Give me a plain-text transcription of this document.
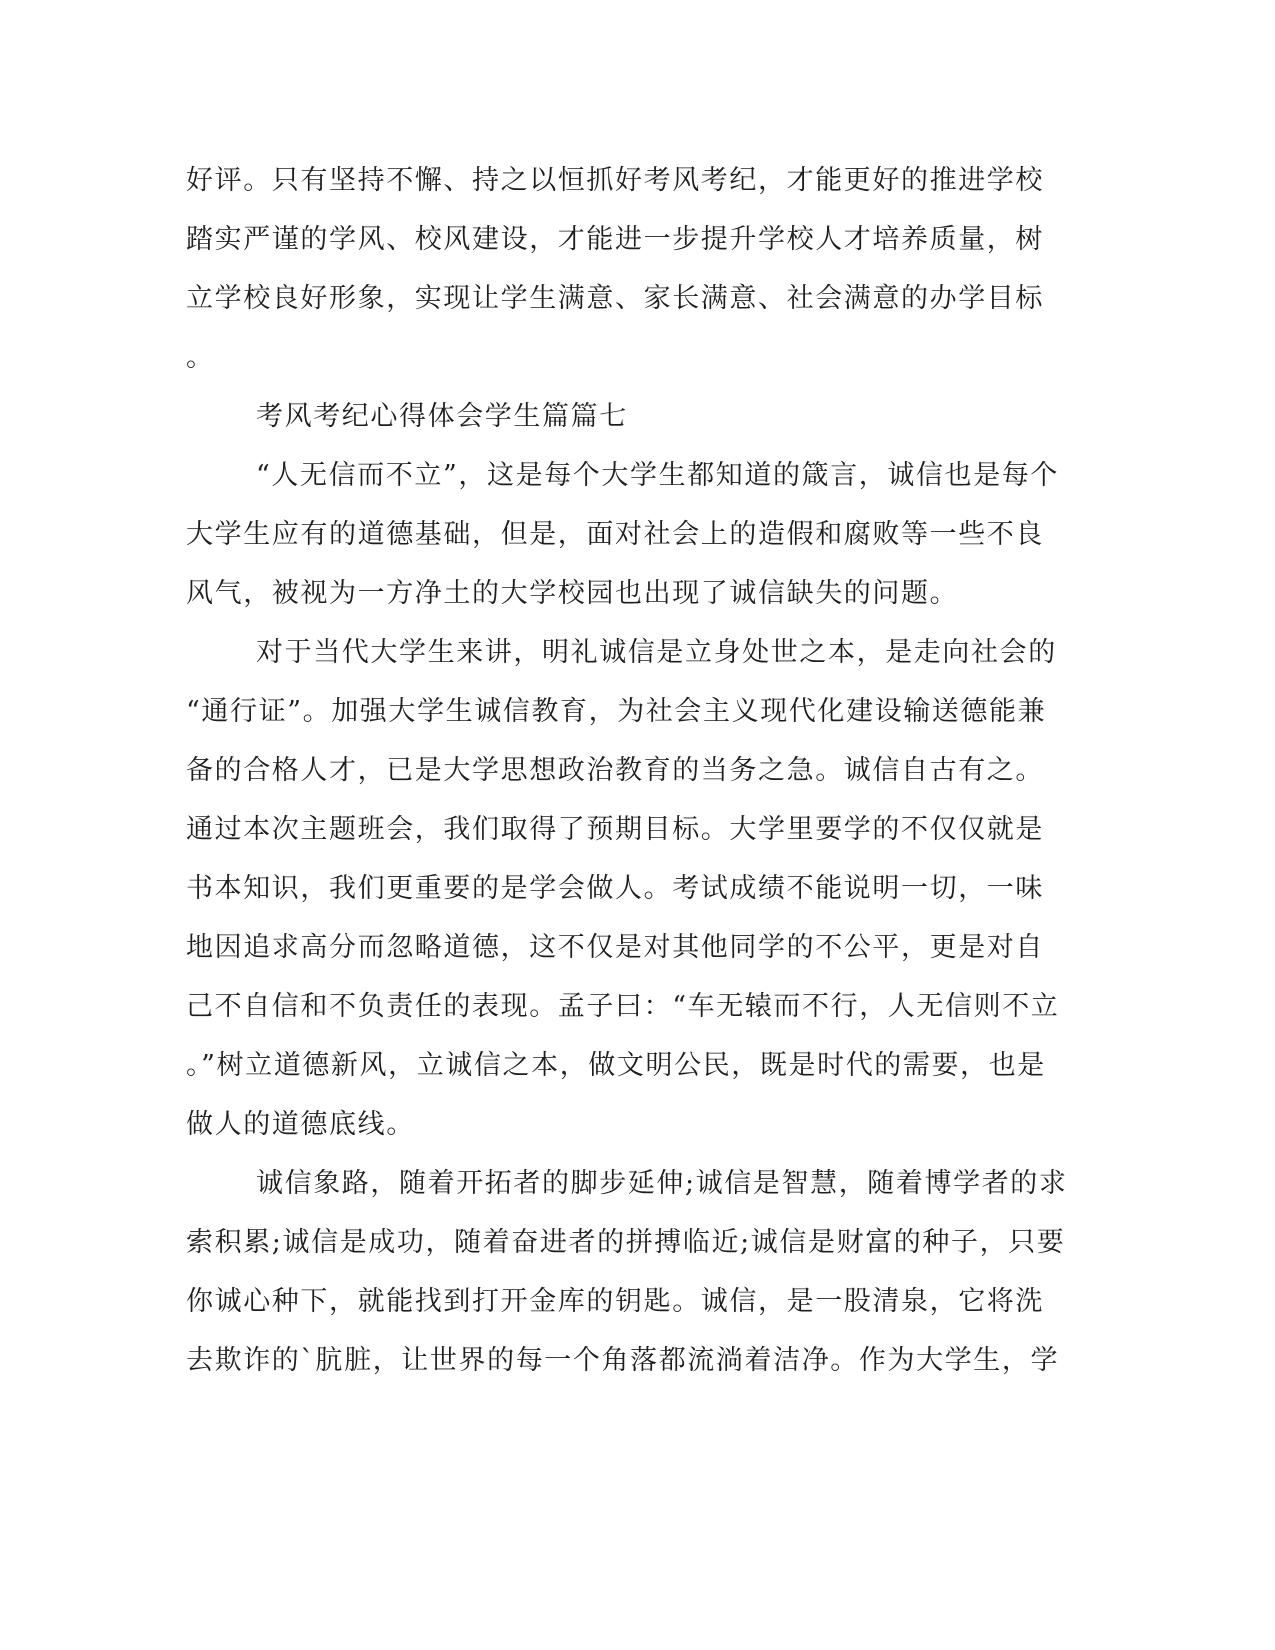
好评。只有坚持不懈、持之以恒抓好考风考纪，才能更好的推进学校
踏实严谨的学风、校风建设，才能进一步提升学校人才培养质量，树
立学校良好形象，实现让学生满意、家长满意、社会满意的办学目标
。
考风考纪心得体会学生篇篇七
“人无信而不立”，这是每个大学生都知道的箴言，诚信也是每个
大学生应有的道德基础，但是，面对社会上的造假和腐败等一些不良
风气，被视为一方净土的大学校园也出现了诚信缺失的问题。
对于当代大学生来讲，明礼诚信是立身处世之本，是走向社会的
“通行证”。加强大学生诚信教育，为社会主义现代化建设输送德能兼
备的合格人才，已是大学思想政治教育的当务之急。诚信自古有之。
通过本次主题班会，我们取得了预期目标。大学里要学的不仅仅就是
书本知识，我们更重要的是学会做人。考试成绩不能说明一切，一味
地因追求高分而忽略道德，这不仅是对其他同学的不公平，更是对自
己不自信和不负责任的表现。孟子曰：“车无辕而不行，人无信则不立
。”树立道德新风，立诚信之本，做文明公民，既是时代的需要，也是
做人的道德底线。
诚信象路，随着开拓者的脚步延伸;诚信是智慧，随着博学者的求
索积累;诚信是成功，随着奋进者的拼搏临近;诚信是财富的种子，只要
你诚心种下，就能找到打开金库的钥匙。诚信，是一股清泉，它将洗
去欺诈的`肮脏，让世界的每一个角落都流淌着洁净。作为大学生，学
